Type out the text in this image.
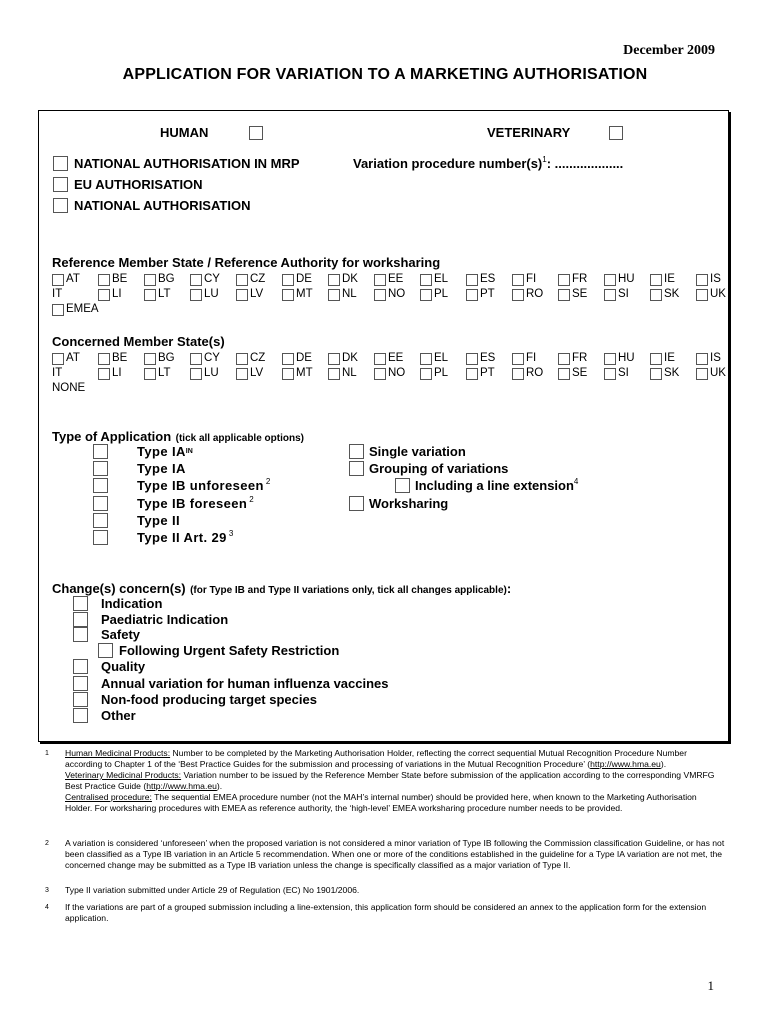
December 2009
APPLICATION FOR VARIATION TO A MARKETING AUTHORISATION
HUMAN	VETERINARY
NATIONAL AUTHORISATION IN MRP	Variation procedure $number(s)^1$ : ...................
EU AUTHORISATION
NATIONAL AUTHORISATION
Reference Member State / Reference Authority for worksharing
AT	BE	BG	CY	CZ	DE	DK	EE	EL	ES	FI	FR	HU	IE	IS
IT	LI	LT	LU	LV	MT	NL	NO	PL	PT	RO	SE	SI	SK	UK
EMEA
Concerned Member State(s)
AT	BE	BG	CY	CZ	DE	DK	EE	EL	ES	FI	FR	HU	IE	IS
IT	LI	LT	LU	LV	MT	NL	NO	PL	PT	RO	SE	SI	SK	UK
NONE
Type of Application (tick all applicable options)
Type IA IN
Type IA
Type IB unforeseen $^2$
Type IB foreseen $^2$
Type II
Type II Art. 29 $^3$
Single variation
Grouping of variations
Including a line extension$^4$
Worksharing
Change(s) concern(s) (for Type IB and Type II variations only, tick all changes applicable):
Indication
Paediatric Indication
Safety
Following Urgent Safety Restriction
Quality
Annual variation for human influenza vaccines
Non-food producing target species
Other
1 Human Medicinal Products: Number to be completed by the Marketing Authorisation Holder, reflecting the correct sequential Mutual Recognition Procedure Number according to Chapter 1 of the ‘Best Practice Guides for the submission and processing of variations in the Mutual Recognition Procedure’ (http://www.hma.eu).
Veterinary Medicinal Products: Variation number to be issued by the Reference Member State before submission of the application according to the corresponding VMRFG Best Practice Guide (http://www.hma.eu).
Centralised procedure: The sequential EMEA procedure number (not the MAH’s internal number) should be provided here, when known to the Marketing Authorisation Holder. For worksharing procedures with EMEA as reference authority, the ‘high-level’ EMEA worksharing procedure number needs to be provided.
2 A variation is considered ‘unforeseen’ when the proposed variation is not considered a minor variation of Type IB following the Commission classification Guideline, or has not been classified as a Type IB variation in an Article 5 recommendation. When one or more of the conditions established in the guideline for a Type IA variation are not met, the concerned change may be submitted as a Type IB variation unless the change is specifically classified as a major variation of Type II.
3 Type II variation submitted under Article 29 of Regulation (EC) No 1901/2006.
4 If the variations are part of a grouped submission including a line-extension, this application form should be considered an annex to the application form for the extension application.
1
